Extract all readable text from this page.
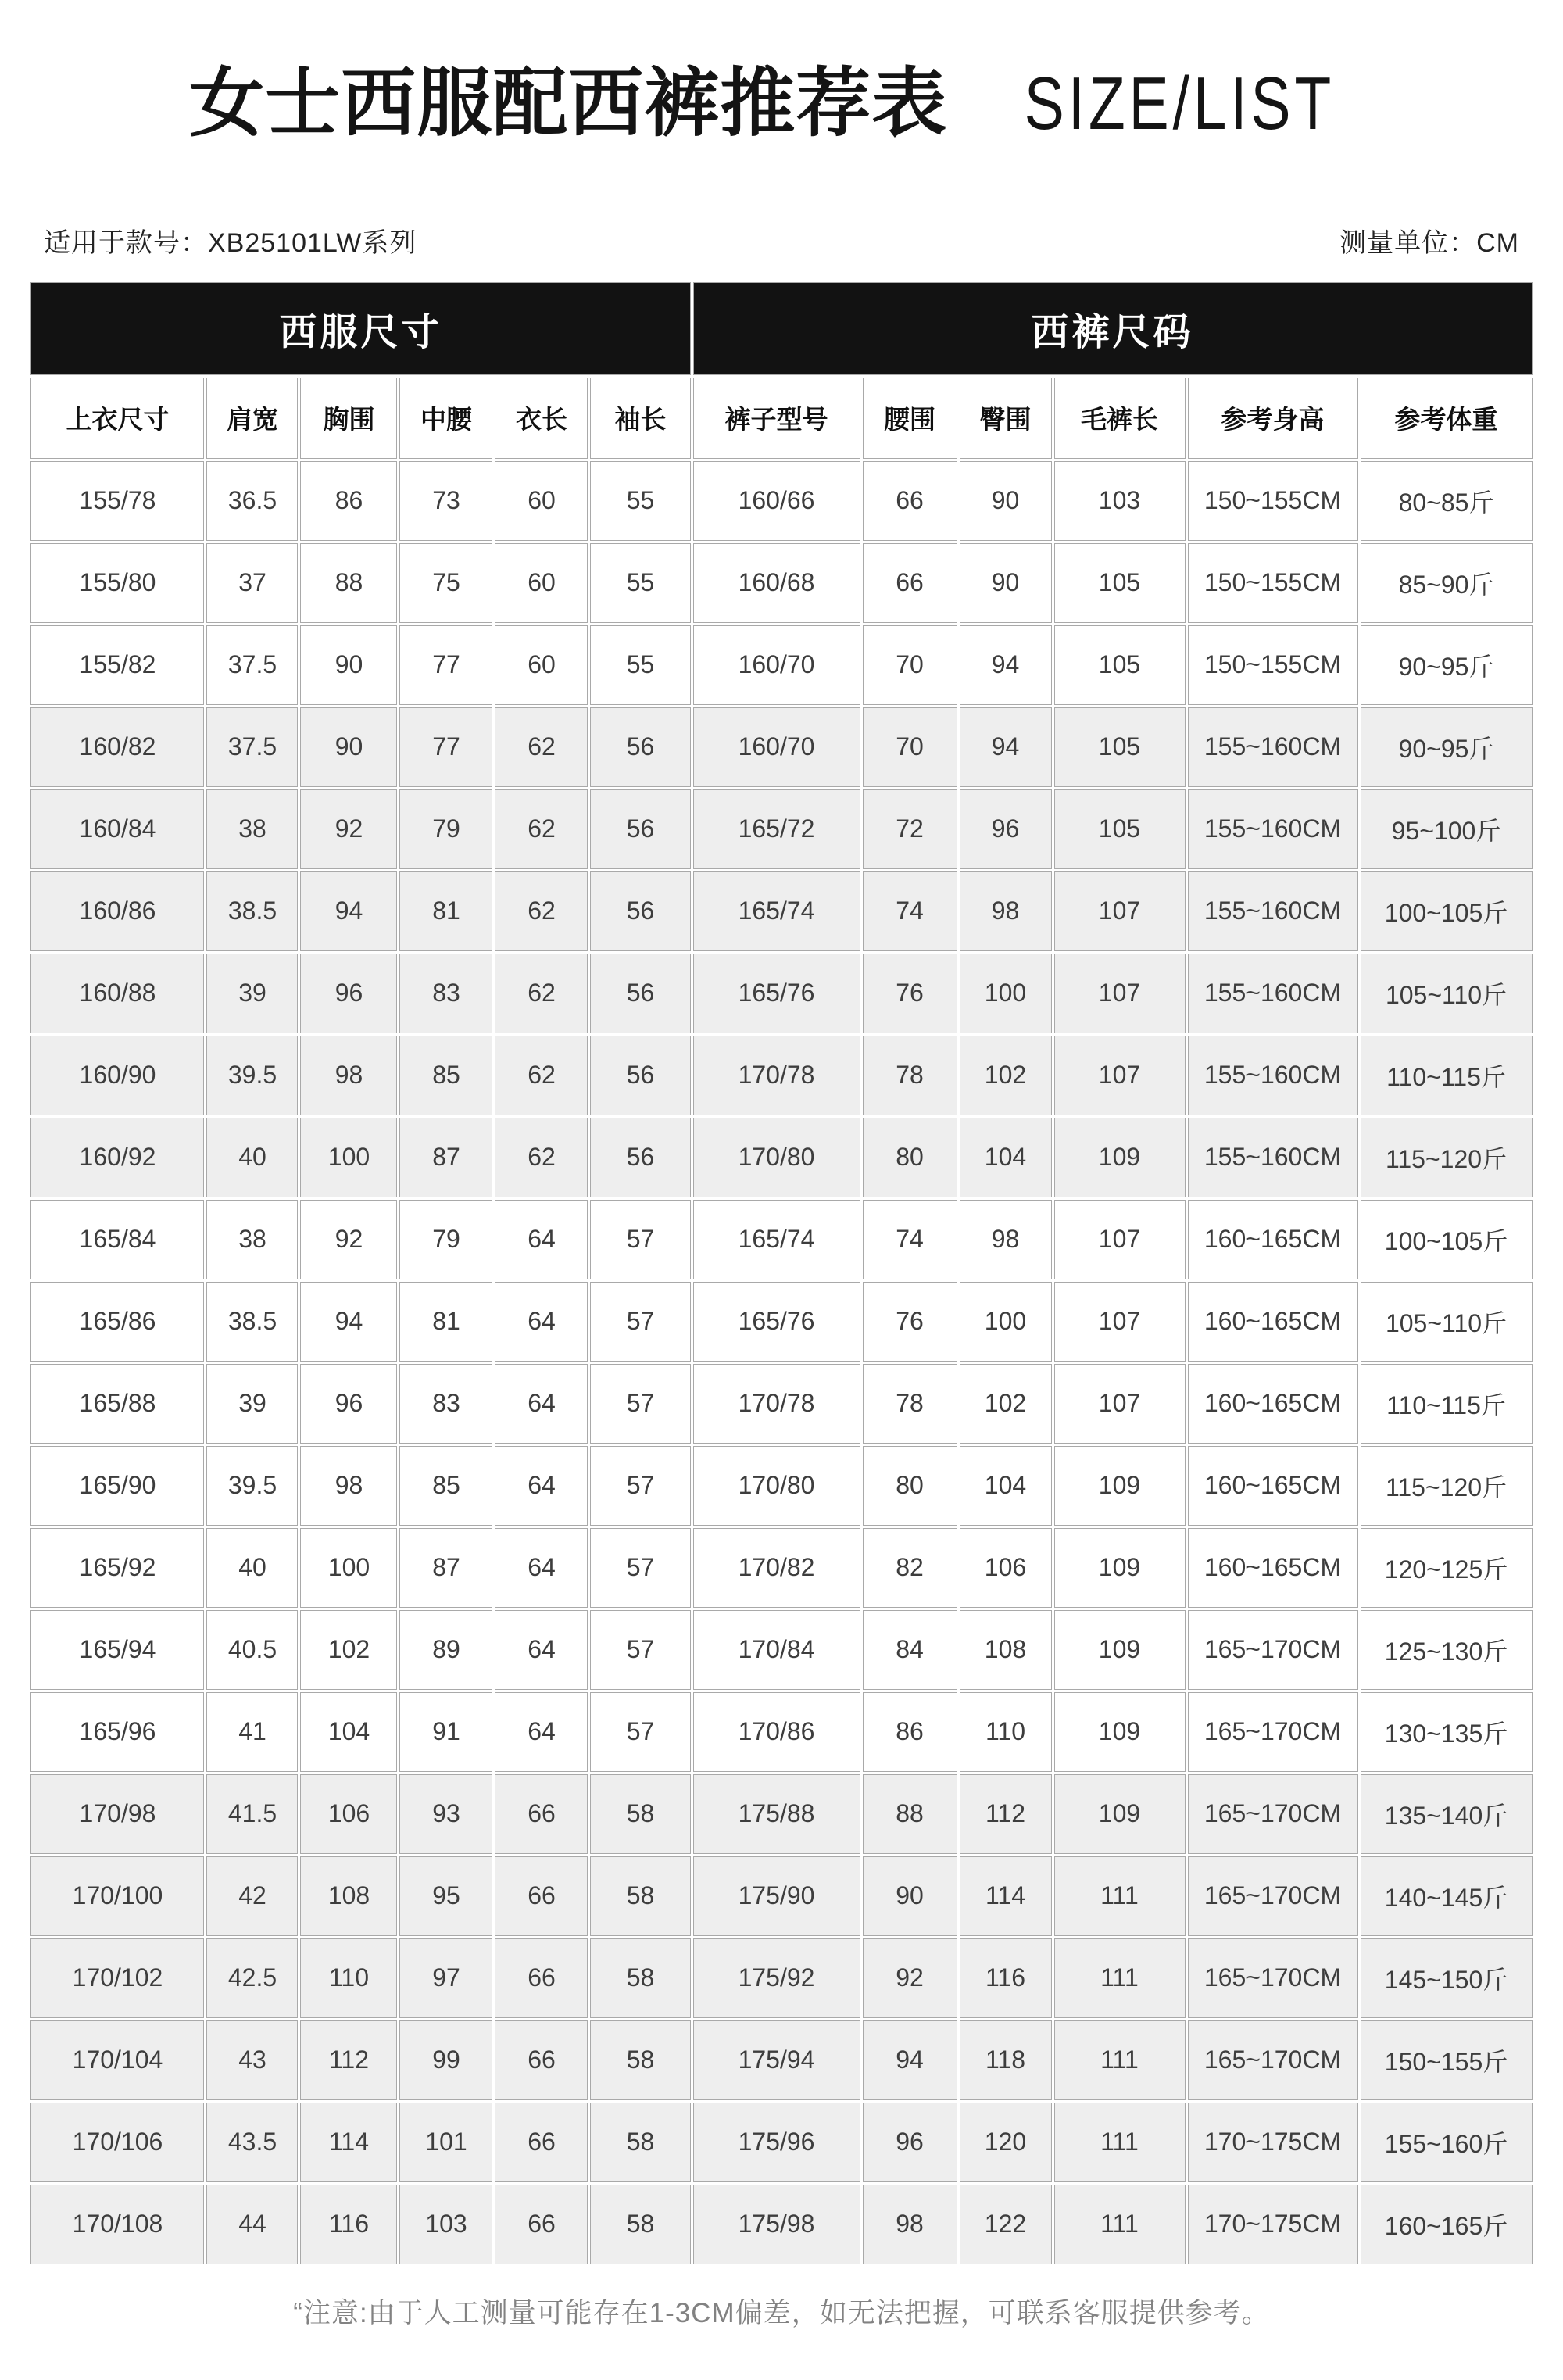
女士西服配西裤推荐表 SIZE/LIST
适用于款号：XB25101LW系列	测量单位：CM
西服尺寸						西裤尺码					
上衣尺寸	肩宽	胸围	中腰	衣长	袖长	裤子型号	腰围	臀围	毛裤长	参考身高	参考体重
155/78	36.5	86	73	60	55	160/66	66	90	103	150~155CM	80~85斤
155/80	37	88	75	60	55	160/68	66	90	105	150~155CM	85~90斤
155/82	37.5	90	77	60	55	160/70	70	94	105	150~155CM	90~95斤
160/82	37.5	90	77	62	56	160/70	70	94	105	155~160CM	90~95斤
160/84	38	92	79	62	56	165/72	72	96	105	155~160CM	95~100斤
160/86	38.5	94	81	62	56	165/74	74	98	107	155~160CM	100~105斤
160/88	39	96	83	62	56	165/76	76	100	107	155~160CM	105~110斤
160/90	39.5	98	85	62	56	170/78	78	102	107	155~160CM	110~115斤
160/92	40	100	87	62	56	170/80	80	104	109	155~160CM	115~120斤
165/84	38	92	79	64	57	165/74	74	98	107	160~165CM	100~105斤
165/86	38.5	94	81	64	57	165/76	76	100	107	160~165CM	105~110斤
165/88	39	96	83	64	57	170/78	78	102	107	160~165CM	110~115斤
165/90	39.5	98	85	64	57	170/80	80	104	109	160~165CM	115~120斤
165/92	40	100	87	64	57	170/82	82	106	109	160~165CM	120~125斤
165/94	40.5	102	89	64	57	170/84	84	108	109	165~170CM	125~130斤
165/96	41	104	91	64	57	170/86	86	110	109	165~170CM	130~135斤
170/98	41.5	106	93	66	58	175/88	88	112	109	165~170CM	135~140斤
170/100	42	108	95	66	58	175/90	90	114	111	165~170CM	140~145斤
170/102	42.5	110	97	66	58	175/92	92	116	111	165~170CM	145~150斤
170/104	43	112	99	66	58	175/94	94	118	111	165~170CM	150~155斤
170/106	43.5	114	101	66	58	175/96	96	120	111	170~175CM	155~160斤
170/108	44	116	103	66	58	175/98	98	122	111	170~175CM	160~165斤

“注意:由于人工测量可能存在1-3CM偏差，如无法把握，可联系客服提供参考。
